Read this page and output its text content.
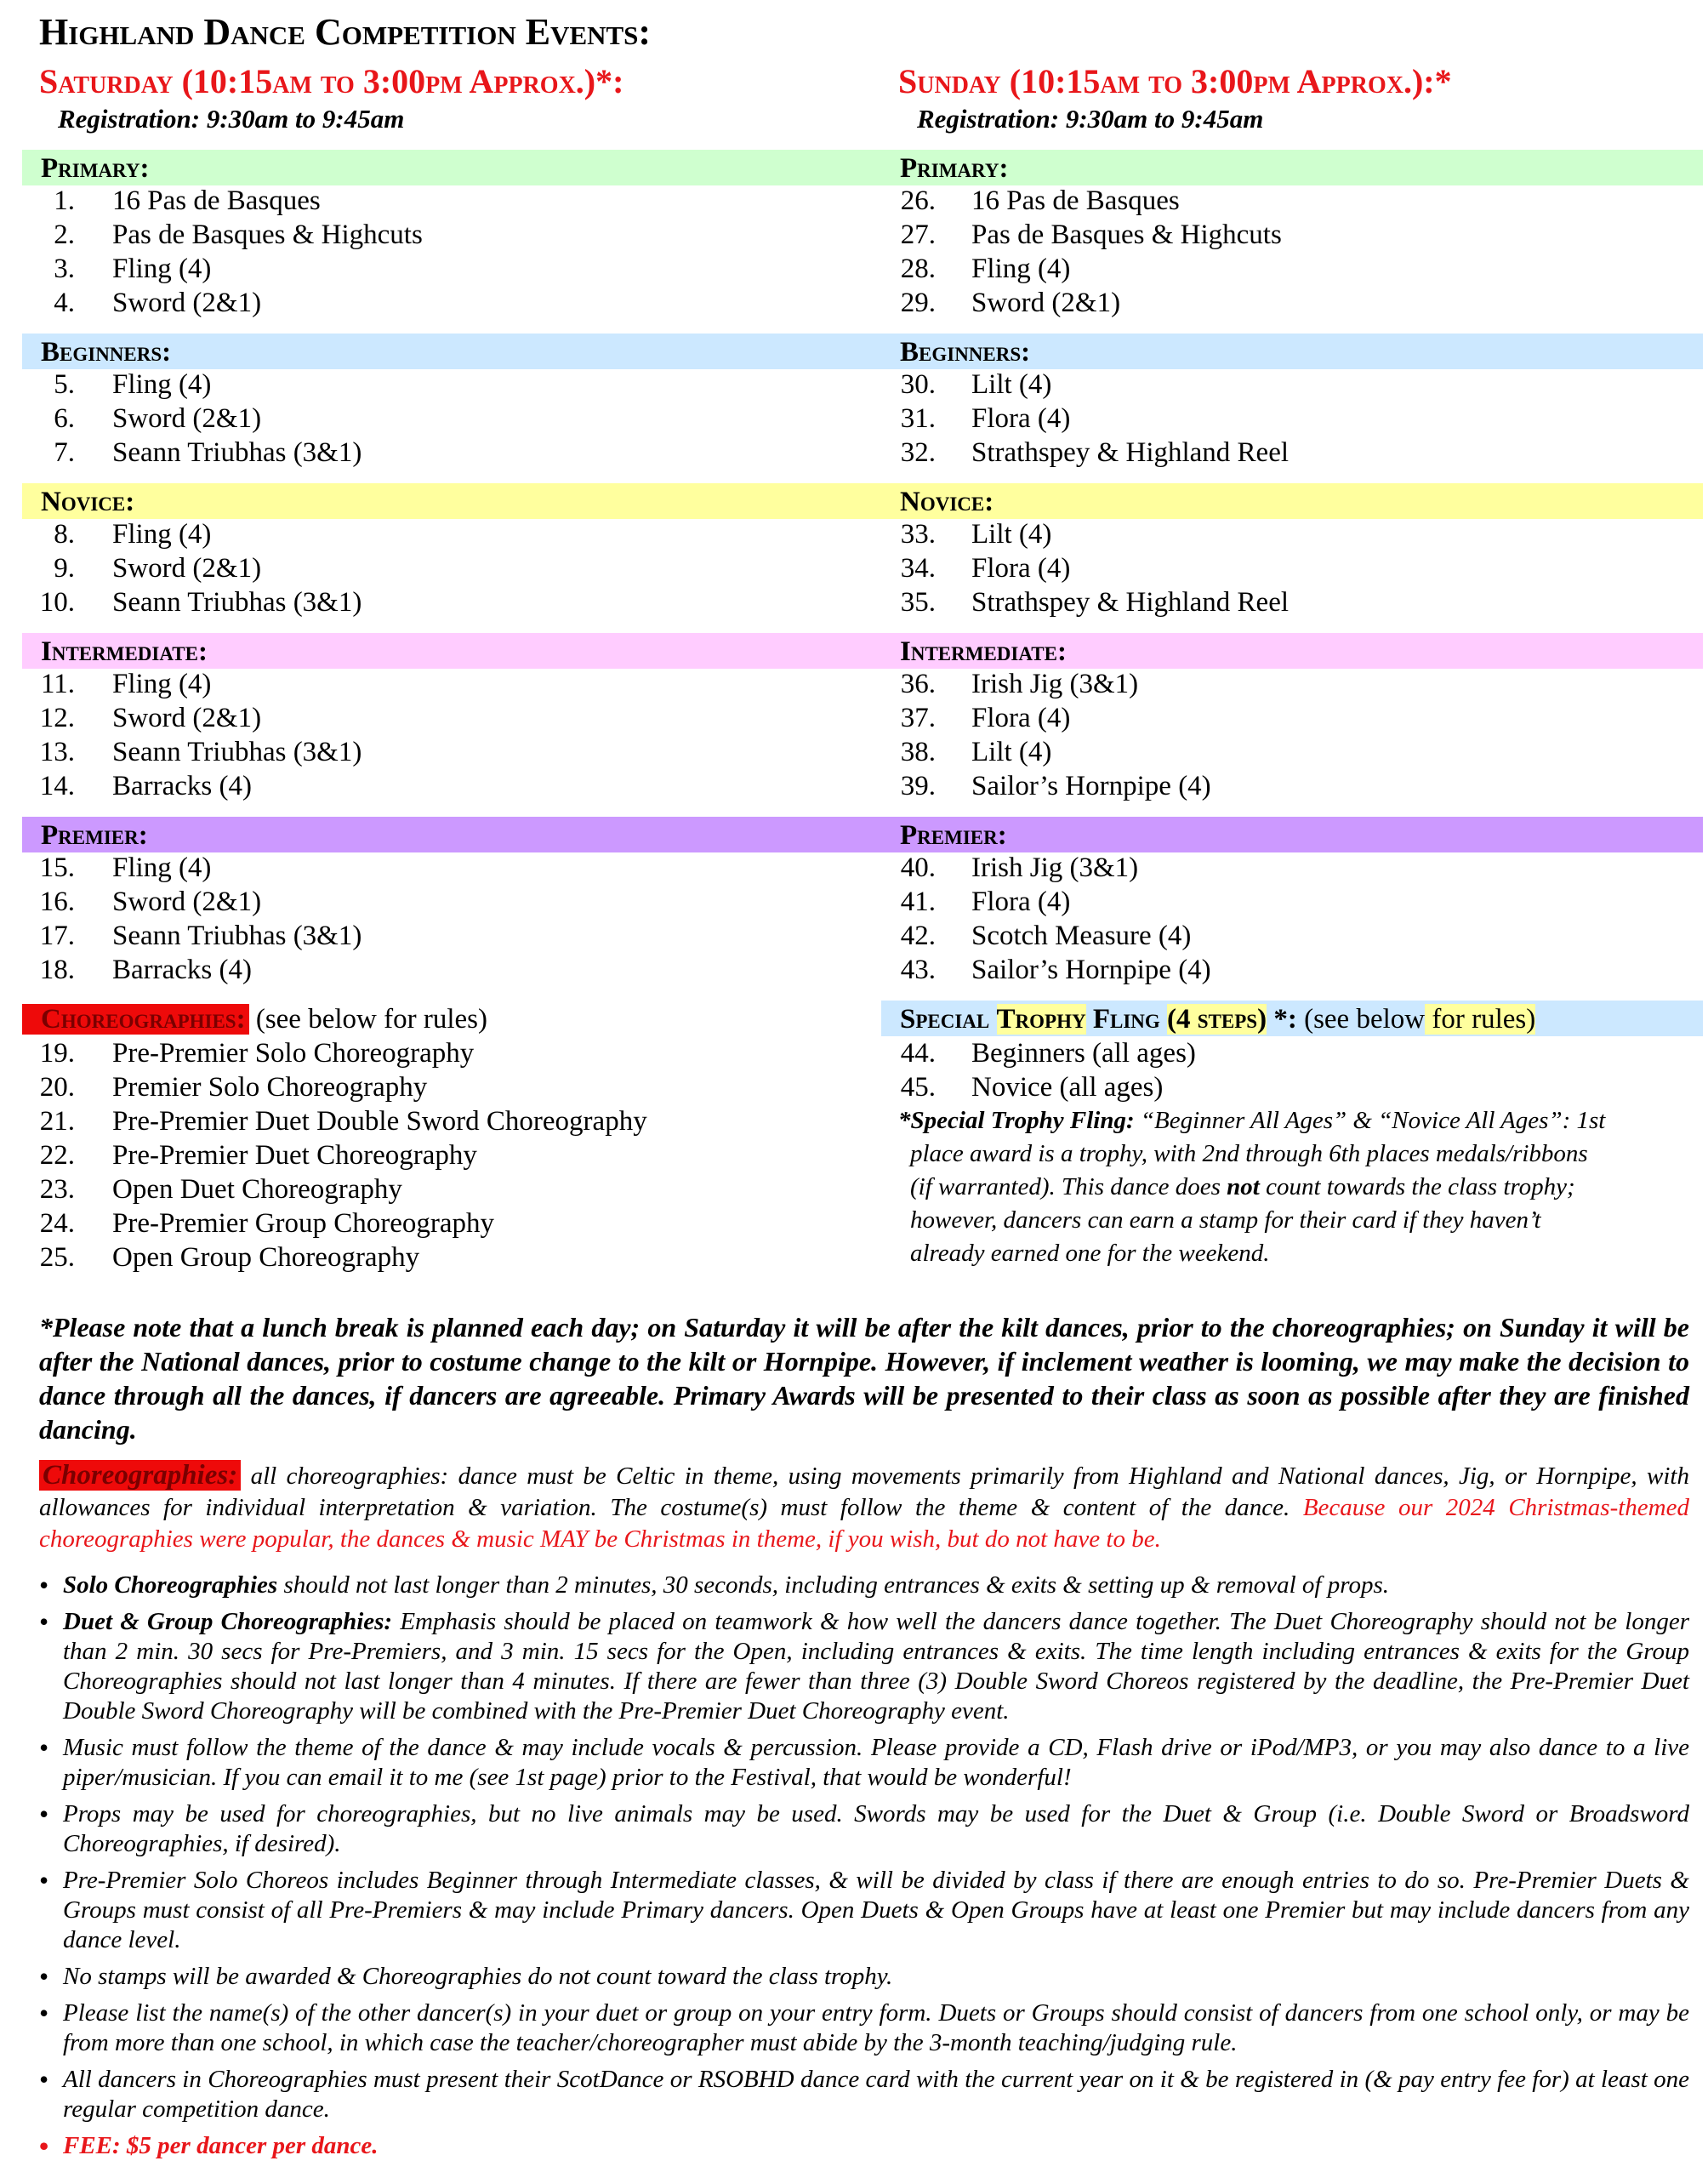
Highland Dance Competition Events:
Saturday (10:15am to 3:00pm Approx.)*:
Registration: 9:30am to 9:45am
Primary:
1. 16 Pas de Basques
2. Pas de Basques & Highcuts
3. Fling (4)
4. Sword (2&1)
Beginners:
5. Fling (4)
6. Sword (2&1)
7. Seann Triubhas (3&1)
Novice:
8. Fling (4)
9. Sword (2&1)
10. Seann Triubhas (3&1)
Intermediate:
11. Fling (4)
12. Sword (2&1)
13. Seann Triubhas (3&1)
14. Barracks (4)
Premier:
15. Fling (4)
16. Sword (2&1)
17. Seann Triubhas (3&1)
18. Barracks (4)
Choreographies: (see below for rules)
19. Pre-Premier Solo Choreography
20. Premier Solo Choreography
21. Pre-Premier Duet Double Sword Choreography
22. Pre-Premier Duet Choreography
23. Open Duet Choreography
24. Pre-Premier Group Choreography
25. Open Group Choreography
Sunday (10:15am to 3:00pm Approx.):*
Registration: 9:30am to 9:45am
Primary:
26. 16 Pas de Basques
27. Pas de Basques & Highcuts
28. Fling (4)
29. Sword (2&1)
Beginners:
30. Lilt (4)
31. Flora (4)
32. Strathspey & Highland Reel
Novice:
33. Lilt (4)
34. Flora (4)
35. Strathspey & Highland Reel
Intermediate:
36. Irish Jig (3&1)
37. Flora (4)
38. Lilt (4)
39. Sailor’s Hornpipe (4)
Premier:
40. Irish Jig (3&1)
41. Flora (4)
42. Scotch Measure (4)
43. Sailor’s Hornpipe (4)
Special Trophy Fling (4 steps) *: (see below for rules)
44. Beginners (all ages)
45. Novice (all ages)
*Special Trophy Fling: “Beginner All Ages” & “Novice All Ages”: 1st
place award is a trophy, with 2nd through 6th places medals/ribbons
(if warranted). This dance does not count towards the class trophy;
however, dancers can earn a stamp for their card if they haven’t
already earned one for the weekend.
*Please note that a lunch break is planned each day; on Saturday it will be after the kilt dances, prior to the choreographies; on Sunday it will be after the National dances, prior to costume change to the kilt or Hornpipe. However, if inclement weather is looming, we may make the decision to dance through all the dances, if dancers are agreeable. Primary Awards will be presented to their class as soon as possible after they are finished dancing.
Choreographies: all choreographies: dance must be Celtic in theme, using movements primarily from Highland and National dances, Jig, or Hornpipe, with allowances for individual interpretation & variation. The costume(s) must follow the theme & content of the dance. Because our 2024 Christmas-themed choreographies were popular, the dances & music MAY be Christmas in theme, if you wish, but do not have to be.
• Solo Choreographies should not last longer than 2 minutes, 30 seconds, including entrances & exits & setting up & removal of props.
• Duet & Group Choreographies: Emphasis should be placed on teamwork & how well the dancers dance together. The Duet Choreography should not be longer than 2 min. 30 secs for Pre-Premiers, and 3 min. 15 secs for the Open, including entrances & exits. The time length including entrances & exits for the Group Choreographies should not last longer than 4 minutes. If there are fewer than three (3) Double Sword Choreos registered by the deadline, the Pre-Premier Duet Double Sword Choreography will be combined with the Pre-Premier Duet Choreography event.
• Music must follow the theme of the dance & may include vocals & percussion. Please provide a CD, Flash drive or iPod/MP3, or you may also dance to a live piper/musician. If you can email it to me (see 1st page) prior to the Festival, that would be wonderful!
• Props may be used for choreographies, but no live animals may be used. Swords may be used for the Duet & Group (i.e. Double Sword or Broadsword Choreographies, if desired).
• Pre-Premier Solo Choreos includes Beginner through Intermediate classes, & will be divided by class if there are enough entries to do so. Pre-Premier Duets & Groups must consist of all Pre-Premiers & may include Primary dancers. Open Duets & Open Groups have at least one Premier but may include dancers from any dance level.
• No stamps will be awarded & Choreographies do not count toward the class trophy.
• Please list the name(s) of the other dancer(s) in your duet or group on your entry form. Duets or Groups should consist of dancers from one school only, or may be from more than one school, in which case the teacher/choreographer must abide by the 3-month teaching/judging rule.
• All dancers in Choreographies must present their ScotDance or RSOBHD dance card with the current year on it & be registered in (& pay entry fee for) at least one regular competition dance.
• FEE: $5 per dancer per dance.
